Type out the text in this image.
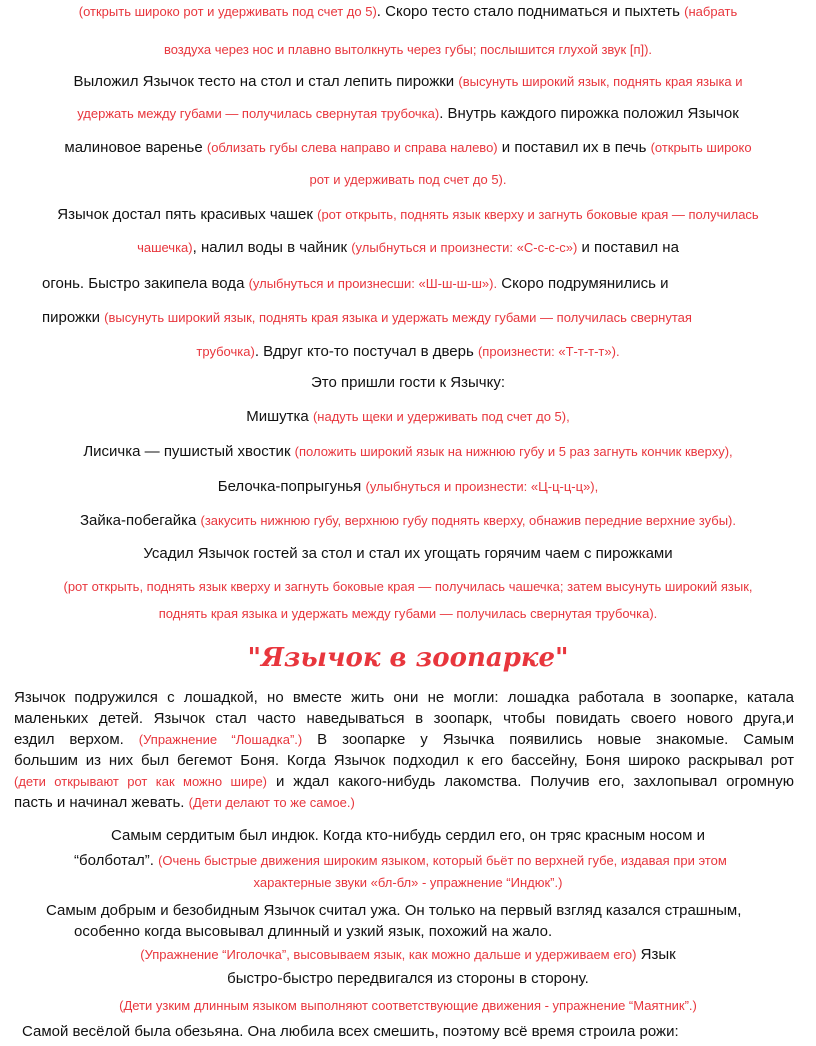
(открыть широко рот и удерживать под счет до 5). Скоро тесто стало подниматься и пыхтеть (набрать
воздуха через нос и плавно вытолкнуть через губы; послышится глухой звук [п]).
Выложил Язычок тесто на стол и стал лепить пирожки (высунуть широкий язык, поднять края языка и
удержать между губами — получилась свернутая трубочка). Внутрь каждого пирожка положил Язычок
малиновое варенье (облизать губы слева направо и справа налево) и поставил их в печь (открыть широко
рот и удерживать под счет до 5).
Язычок достал пять красивых чашек (рот открыть, поднять язык кверху и загнуть боковые края — получилась
чашечка), налил воды в чайник (улыбнуться и произнести: «С-с-с-с») и поставил на
огонь. Быстро закипела вода (улыбнуться и произнесши: «Ш-ш-ш-ш»). Скоро подрумянились и
пирожки (высунуть широкий язык, поднять края языка и удержать между губами — получилась свернутая
трубочка). Вдруг кто-то постучал в дверь (произнести: «Т-т-т-т»).
Это пришли гости к Язычку:
Мишутка (надуть щеки и удерживать под счет до 5),
Лисичка — пушистый хвостик (положить широкий язык на нижнюю губу и 5 раз загнуть кончик кверху),
Белочка-попрыгунья (улыбнуться и произнести: «Ц-ц-ц-ц»),
Зайка-побегайка (закусить нижнюю губу, верхнюю губу поднять кверху, обнажив передние верхние зубы).
Усадил Язычок гостей за стол и стал их угощать горячим чаем с пирожками
(рот открыть, поднять язык кверху и загнуть боковые края — получилась чашечка; затем высунуть широкий язык,
поднять края языка и удержать между губами — получилась свернутая трубочка).
Самым сердитым был индюк. Когда кто-нибудь сердил его, он тряс красным носом и
“болботал”. (Очень быстрые движения широким языком, который бьёт по верхней губе, издавая при этом
характерные звуки «бл-бл» - упражнение “Индюк”.)
Самым добрым и безобидным Язычок считал ужа. Он только на первый взгляд казался страшным,
особенно когда высовывал длинный и узкий язык, похожий на жало.
(Упражнение “Иголочка”, высовываем язык, как можно дальше и удерживаем его) Язык
быстро-быстро передвигался из стороны в сторону.
(Дети узким длинным языком выполняют соответствующие движения - упражнение “Маятник”.)
Самой весёлой была обезьяна. Она любила всех смешить, поэтому всё время строила рожи:
"Язычок в зоопарке"
Язычок подружился с лошадкой, но вместе жить они не могли: лошадка работала в зоопарке, катала
маленьких детей. Язычок стал часто наведываться в зоопарк, чтобы повидать своего нового друга,и
ездил верхом. (Упражнение “Лошадка”.) В зоопарке у Язычка появились новые знакомые. Самым
большим из них был бегемот Боня. Когда Язычок подходил к его бассейну, Боня широко раскрывал рот
(дети открывают рот как можно шире) и ждал какого-нибудь лакомства. Получив его, захлопывал огромную
пасть и начинал жевать. (Дети делают то же самое.)
